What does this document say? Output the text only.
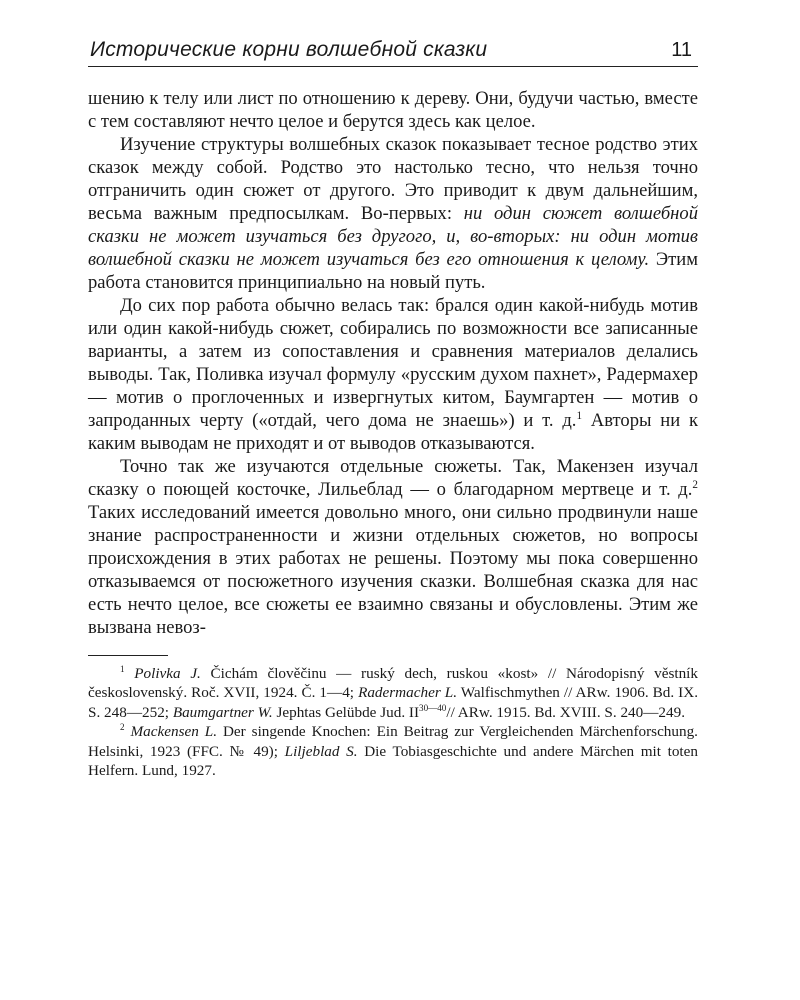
Исторические корни волшебной сказки	11

шению к телу или лист по отношению к дереву. Они, будучи частью, вместе с тем составляют нечто целое и берутся здесь как целое.

Изучение структуры волшебных сказок показывает тесное родство этих сказок между собой. Родство это настолько тесно, что нельзя точно отграничить один сюжет от другого. Это приводит к двум дальнейшим, весьма важным предпосылкам. Во-первых: ни один сюжет волшебной сказки не может изучаться без другого, и, во-вторых: ни один мотив волшебной сказки не может изучаться без его отношения к целому. Этим работа становится принципиально на новый путь.

До сих пор работа обычно велась так: брался один какой-нибудь мотив или один какой-нибудь сюжет, собирались по возможности все записанные варианты, а затем из сопоставления и сравнения материалов делались выводы. Так, Поливка изучал формулу «русским духом пахнет», Радермахер — мотив о проглоченных и извергнутых китом, Баумгартен — мотив о запроданных черту («отдай, чего дома не знаешь») и т. д.$^1$ Авторы ни к каким выводам не приходят и от выводов отказываются.

Точно так же изучаются отдельные сюжеты. Так, Макензен изучал сказку о поющей косточке, Лильеблад — о благодарном мертвеце и т. д.$^2$ Таких исследований имеется довольно много, они сильно продвинули наше знание распространенности и жизни отдельных сюжетов, но вопросы происхождения в этих работах не решены. Поэтому мы пока совершенно отказываемся от посюжетного изучения сказки. Волшебная сказка для нас есть нечто целое, все сюжеты ее взаимно связаны и обусловлены. Этим же вызвана невоз-

$^1$ Polivka J. Čichám člověčinu — ruský dech, ruskou «kost» // Národopisný věstník československý. Roč. XVII, 1924. Č. 1—4; Radermacher L. Walfischmythen // ARw. 1906. Bd. IX. S. 248—252; Baumgartner W. Jephtas Gelübde Jud. $II^{30—40}//$ ARw. 1915. Bd. XVIII. S. 240—249.

$^2$ Mackensen L. Der singende Knochen: Ein Beitrag zur Vergleichenden Märchenforschung. Helsinki, 1923 (FFC. № 49); Liljeblad S. Die Tobiasgeschichte und andere Märchen mit toten Helfern. Lund, 1927.
